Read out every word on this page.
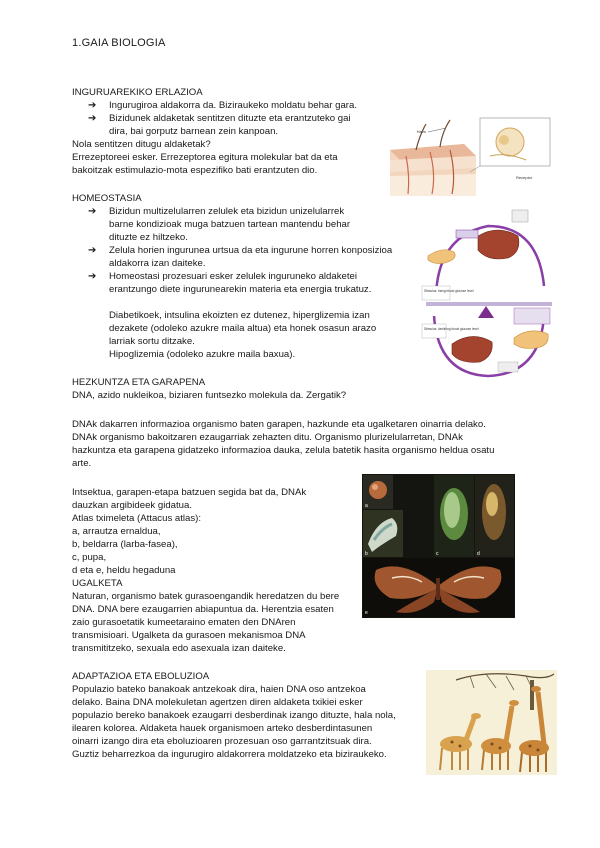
1.GAIA BIOLOGIA
INGURUAREKIKO ERLAZIOA
➔ Ingurugiroa aldakorra da. Biziraukeko moldatu behar gara.
➔ Bizidunek aldaketak sentitzen dituzte eta erantzuteko gai
dira, bai gorputz barnean zein kanpoan.
Nola sentitzen ditugu aldaketak?
Errezeptoreei esker. Errezeptorea egitura molekular bat da eta
bakoitzak estimulazio-mota espezifiko bati erantzuten dio.
HOMEOSTASIA
➔ Bizidun multizelularren zelulek eta bizidun unizelularrek
barne kondizioak muga batzuen tartean mantendu behar
dituzte ez hiltzeko.
➔ Zelula horien ingurunea urtsua da eta ingurune horren konposizioa
aldakorra izan daiteke.
➔ Homeostasi prozesuari esker zelulek inguruneko aldaketei
erantzungo diete ingurunearekin materia eta energia trukatuz.
Diabetikoek, intsulina ekoizten ez dutenez, hiperglizemia izan
dezakete (odoleko azukre maila altua) eta honek osasun arazo
larriak sortu ditzake.
Hipoglizemia (odoleko azukre maila baxua).
HEZKUNTZA ETA GARAPENA
DNA, azido nukleikoa, biziaren funtsezko molekula da. Zergatik?
DNAk dakarren informazioa organismo baten garapen, hazkunde eta ugalketaren oinarria delako.
DNAk organismo bakoitzaren ezaugarriak zehazten ditu. Organismo plurizelularretan, DNAk
hazkuntza eta garapena gidatzeko informazioa dauka, zelula batetik hasita organismo heldua osatu
arte.
Intsektua, garapen-etapa batzuen segida bat da, DNAk
dauzkan argibideek gidatua.
Atlas tximeleta (Attacus atlas):
a, arrautza ernaldua,
b, beldarra (larba-fasea),
c, pupa,
d eta e, heldu hegaduna
UGALKETA
Naturan, organismo batek gurasoengandik heredatzen du bere
DNA. DNA bere ezaugarrien abiapuntua da. Herentzia esaten
zaio gurasoetatik kumeetaraino ematen den DNAren
transmisioari. Ugalketa da gurasoen mekanismoa DNA
transmititzeko, sexuala edo asexuala izan daiteke.
ADAPTAZIOA ETA EBOLUZIOA
Populazio bateko banakoak antzekoak dira, haien DNA oso antzekoa
delako. Baina DNA molekuletan agertzen diren aldaketa txikiei esker
populazio bereko banakoek ezaugarri desberdinak izango dituzte, hala nola,
ilearen kolorea. Aldaketa hauek organismoen arteko desberdintasunen
oinarri izango dira eta eboluzioaren prozesuan oso garrantzitsuak dira.
Guztiz beharrezkoa da ingurugiro aldakorrera moldatzeko eta biziraukeko.
Hairs
Receptor
Stimulus: rising blood glucose level
Stimulus: declining blood glucose level
a
b	c	d
e
